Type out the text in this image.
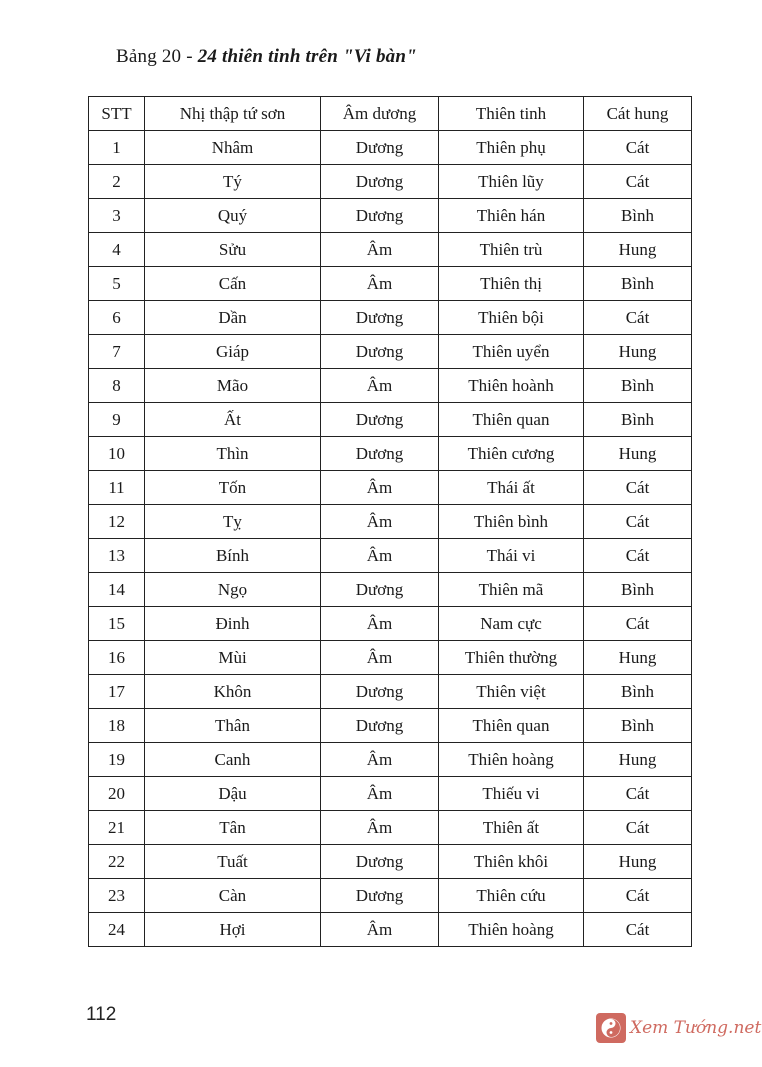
Bảng 20 - 24 thiên tinh trên "Vi bàn"
STT	Nhị thập tứ sơn	Âm dương	Thiên tinh	Cát hung
1	Nhâm	Dương	Thiên phụ	Cát
2	Tý	Dương	Thiên lũy	Cát
3	Quý	Dương	Thiên hán	Bình
4	Sửu	Âm	Thiên trù	Hung
5	Cấn	Âm	Thiên thị	Bình
6	Dần	Dương	Thiên bội	Cát
7	Giáp	Dương	Thiên uyển	Hung
8	Mão	Âm	Thiên hoành	Bình
9	Ất	Dương	Thiên quan	Bình
10	Thìn	Dương	Thiên cương	Hung
11	Tốn	Âm	Thái ất	Cát
12	Tỵ	Âm	Thiên bình	Cát
13	Bính	Âm	Thái vi	Cát
14	Ngọ	Dương	Thiên mã	Bình
15	Đinh	Âm	Nam cực	Cát
16	Mùi	Âm	Thiên thường	Hung
17	Khôn	Dương	Thiên việt	Bình
18	Thân	Dương	Thiên quan	Bình
19	Canh	Âm	Thiên hoàng	Hung
20	Dậu	Âm	Thiếu vi	Cát
21	Tân	Âm	Thiên ất	Cát
22	Tuất	Dương	Thiên khôi	Hung
23	Càn	Dương	Thiên cứu	Cát
24	Hợi	Âm	Thiên hoàng	Cát
112
Xem Tướng.net
